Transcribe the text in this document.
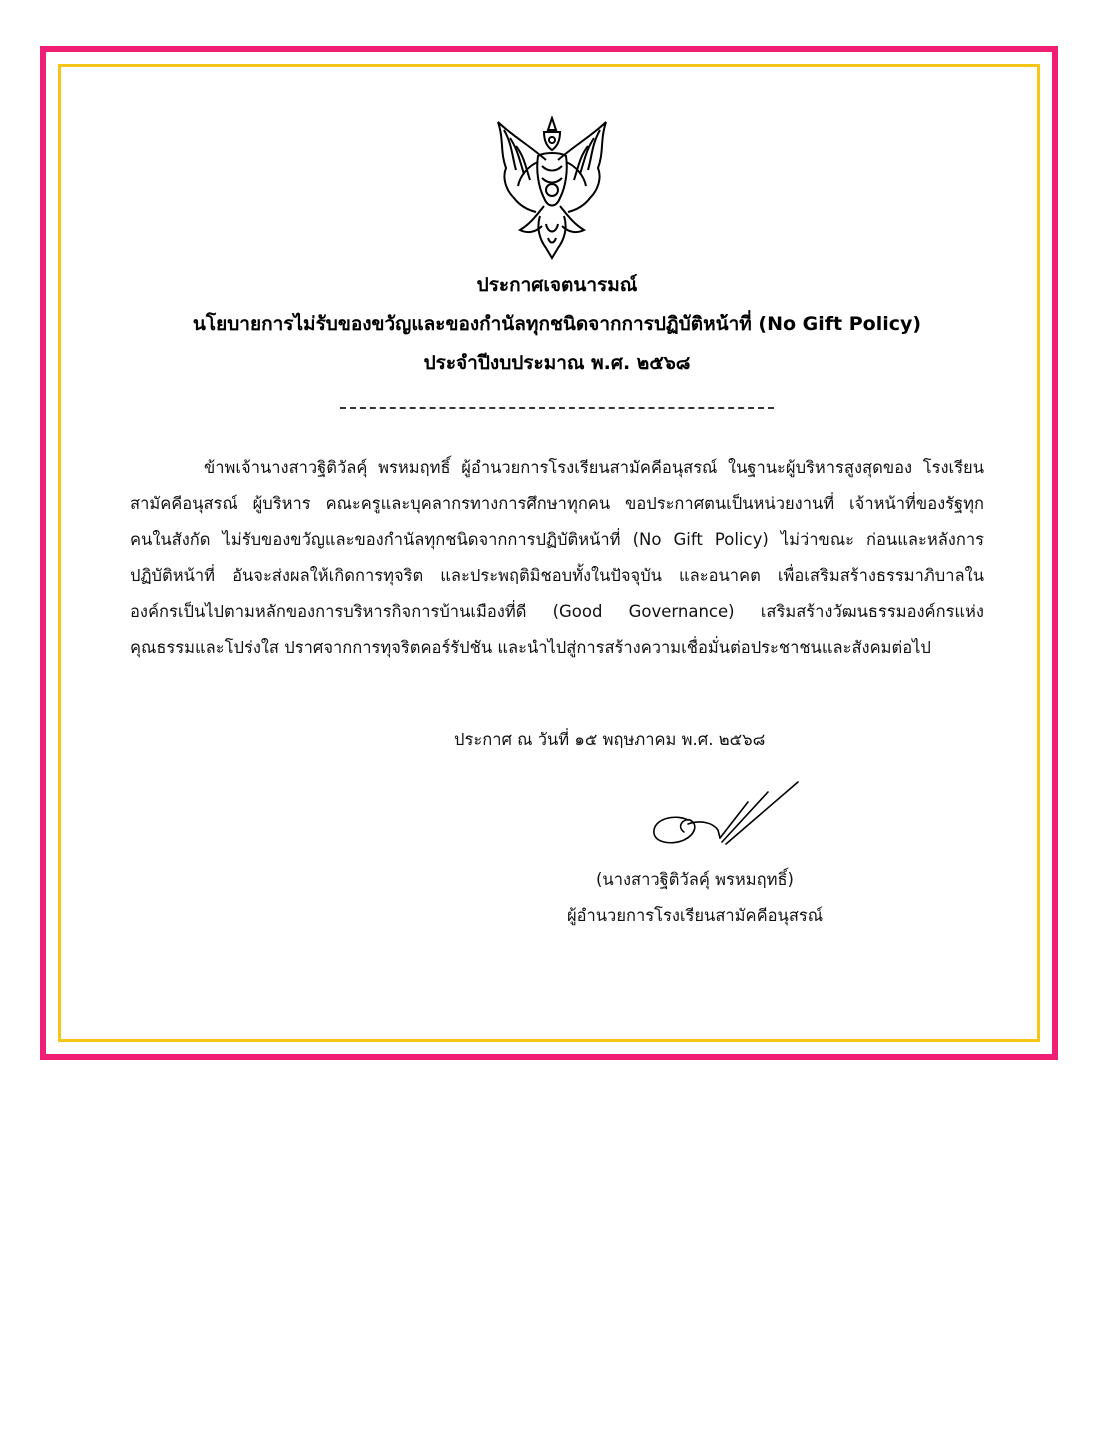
ประกาศเจตนารมณ์
นโยบายการไม่รับของขวัญและของกำนัลทุกชนิดจากการปฏิบัติหน้าที่ (No Gift Policy)
ประจำปีงบประมาณ พ.ศ. ๒๕๖๘
ข้าพเจ้านางสาวฐิติวัลคุ์ พรหมฤทธิ์ ผู้อำนวยการโรงเรียนสามัคคีอนุสรณ์ ในฐานะผู้บริหารสูงสุดของ โรงเรียนสามัคคีอนุสรณ์ ผู้บริหาร คณะครูและบุคลากรทางการศึกษาทุกคน ขอประกาศตนเป็นหน่วยงานที่ เจ้าหน้าที่ของรัฐทุกคนในสังกัด ไม่รับของขวัญและของกำนัลทุกชนิดจากการปฏิบัติหน้าที่ (No Gift Policy) ไม่ว่าขณะ ก่อนและหลังการปฏิบัติหน้าที่ อันจะส่งผลให้เกิดการทุจริต และประพฤติมิชอบทั้งในปัจจุบัน และอนาคต เพื่อเสริมสร้างธรรมาภิบาลในองค์กรเป็นไปตามหลักของการบริหารกิจการบ้านเมืองที่ดี (Good Governance) เสริมสร้างวัฒนธรรมองค์กรแห่งคุณธรรมและโปร่งใส ปราศจากการทุจริตคอร์รัปชัน และนำไปสู่การสร้างความเชื่อมั่นต่อประชาชนและสังคมต่อไป
ประกาศ ณ วันที่ ๑๕ พฤษภาคม พ.ศ. ๒๕๖๘
(นางสาวฐิติวัลคุ์ พรหมฤทธิ์)
ผู้อำนวยการโรงเรียนสามัคคีอนุสรณ์
